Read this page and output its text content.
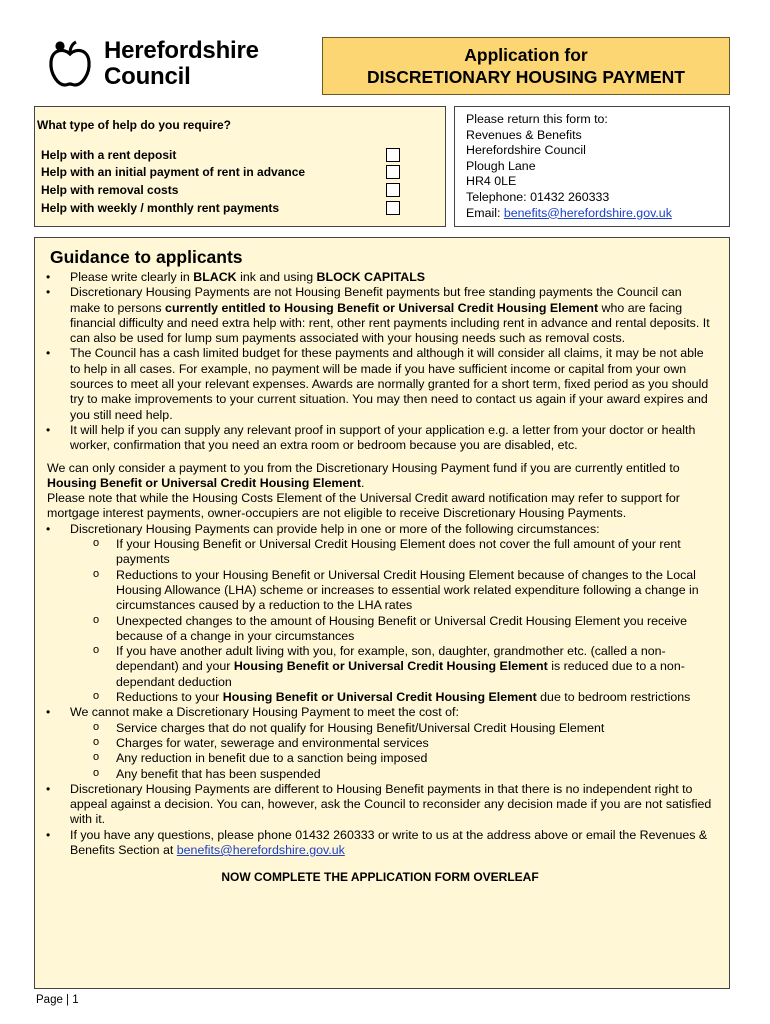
Herefordshire
Council
Application for
DISCRETIONARY HOUSING PAYMENT
What type of help do you require?
Help with a rent deposit
Help with an initial payment of rent in advance
Help with removal costs
Help with weekly / monthly rent payments
Please return this form to:
Revenues & Benefits
Herefordshire Council
Plough Lane
HR4 0LE
Telephone: 01432 260333
Email: benefits@herefordshire.gov.uk
Guidance to applicants
• Please write clearly in BLACK ink and using BLOCK CAPITALS
• Discretionary Housing Payments are not Housing Benefit payments but free standing payments the Council can make to persons currently entitled to Housing Benefit or Universal Credit Housing Element who are facing financial difficulty and need extra help with: rent, other rent payments including rent in advance and rental deposits. It can also be used for lump sum payments associated with your housing needs such as removal costs.
• The Council has a cash limited budget for these payments and although it will consider all claims, it may be not able to help in all cases. For example, no payment will be made if you have sufficient income or capital from your own sources to meet all your relevant expenses. Awards are normally granted for a short term, fixed period as you should try to make improvements to your current situation. You may then need to contact us again if your award expires and you still need help.
• It will help if you can supply any relevant proof in support of your application e.g. a letter from your doctor or health worker, confirmation that you need an extra room or bedroom because you are disabled, etc.
We can only consider a payment to you from the Discretionary Housing Payment fund if you are currently entitled to Housing Benefit or Universal Credit Housing Element.
Please note that while the Housing Costs Element of the Universal Credit award notification may refer to support for mortgage interest payments, owner-occupiers are not eligible to receive Discretionary Housing Payments.
• Discretionary Housing Payments can provide help in one or more of the following circumstances:
o If your Housing Benefit or Universal Credit Housing Element does not cover the full amount of your rent payments
o Reductions to your Housing Benefit or Universal Credit Housing Element because of changes to the Local Housing Allowance (LHA) scheme or increases to essential work related expenditure following a change in circumstances caused by a reduction to the LHA rates
o Unexpected changes to the amount of Housing Benefit or Universal Credit Housing Element you receive because of a change in your circumstances
o If you have another adult living with you, for example, son, daughter, grandmother etc. (called a non-dependant) and your Housing Benefit or Universal Credit Housing Element is reduced due to a non-dependant deduction
o Reductions to your Housing Benefit or Universal Credit Housing Element due to bedroom restrictions
• We cannot make a Discretionary Housing Payment to meet the cost of:
o Service charges that do not qualify for Housing Benefit/Universal Credit Housing Element
o Charges for water, sewerage and environmental services
o Any reduction in benefit due to a sanction being imposed
o Any benefit that has been suspended
• Discretionary Housing Payments are different to Housing Benefit payments in that there is no independent right to appeal against a decision. You can, however, ask the Council to reconsider any decision made if you are not satisfied with it.
• If you have any questions, please phone 01432 260333 or write to us at the address above or email the Revenues & Benefits Section at benefits@herefordshire.gov.uk
NOW COMPLETE THE APPLICATION FORM OVERLEAF
Page | 1
